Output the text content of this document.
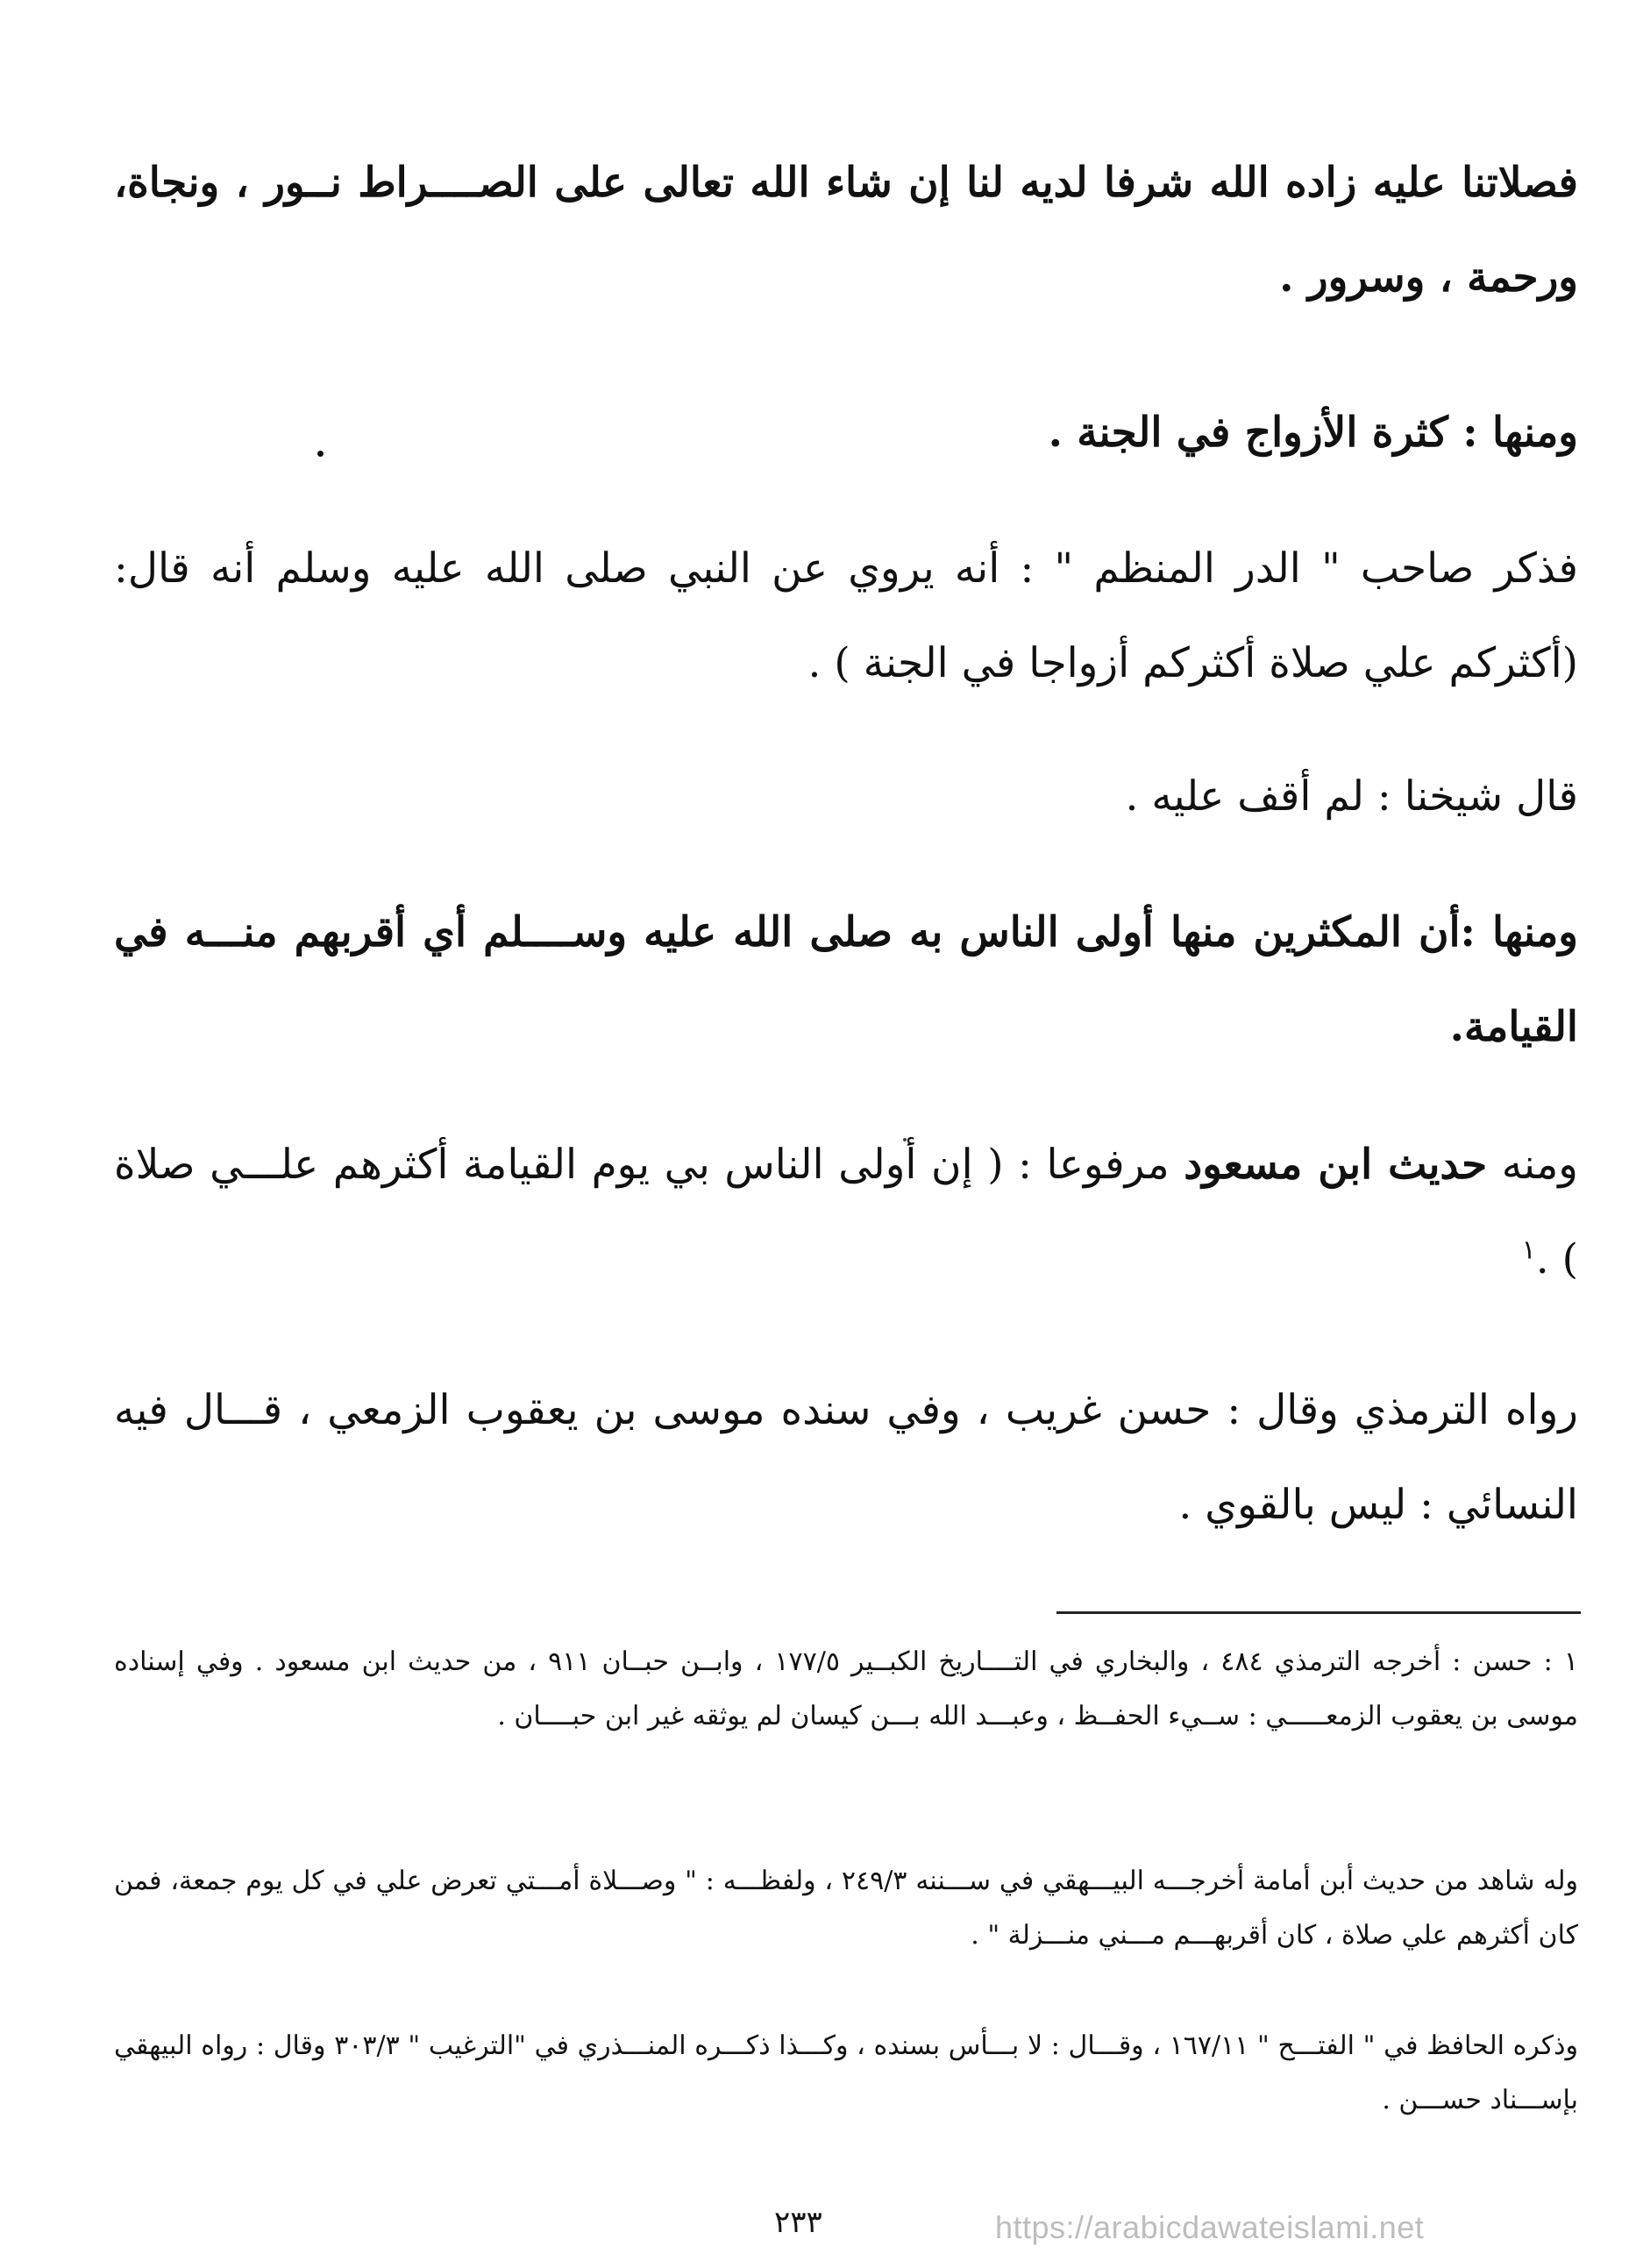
فصلاتنا عليه زاده الله شرفا لديه لنا إن شاء الله تعالى على الصــــراط نــور ، ونجاة، ورحمة ، وسرور .
ومنها : كثرة الأزواج في الجنة .
فذكر صاحب " الدر المنظم " : أنه يروي عن النبي صلى الله عليه وسلم أنه قال: (أكثركم علي صلاة أكثركم أزواجا في الجنة ) .
قال شيخنا : لم أقف عليه .
ومنها :أن المكثرين منها أولى الناس به صلى الله عليه وســــلم أي أقربهم منـــه في القيامة.
ومنه حديث ابن مسعود مرفوعا : ( إن أولى الناس بي يوم القيامة أكثرهم علـــي صلاة ) .$^١$
رواه الترمذي وقال : حسن غريب ، وفي سنده موسى بن يعقوب الزمعي ، قـــال فيه النسائي : ليس بالقوي .
١ : حسن : أخرجه الترمذي ٤٨٤ ، والبخاري في التــــاريخ الكبــير ١٧٧/٥ ، وابــن حبــان ٩١١ ، من حديث ابن مسعود . وفي إسناده موسى بن يعقوب الزمعـــــي : ســيء الحفــظ ، وعبـــد الله بـــن كيسان لم يوثقه غير ابن حبــــان .
وله شاهد من حديث أبن أمامة أخرجـــه البيـــهقي في ســـننه ٢٤٩/٣ ، ولفظـــه : " وصـــلاة أمـــتي تعرض علي في كل يوم جمعة، فمن كان أكثرهم علي صلاة ، كان أقربهـــم مـــني منـــزلة " .
وذكره الحافظ في " الفتـــح " ١٦٧/١١ ، وقـــال : لا بـــأس بسنده ، وكـــذا ذكـــره المنـــذري في "الترغيب " ٣٠٣/٣ وقال : رواه البيهقي بإســـناد حســـن .
٢٣٣	https://arabicdawateislami.net
